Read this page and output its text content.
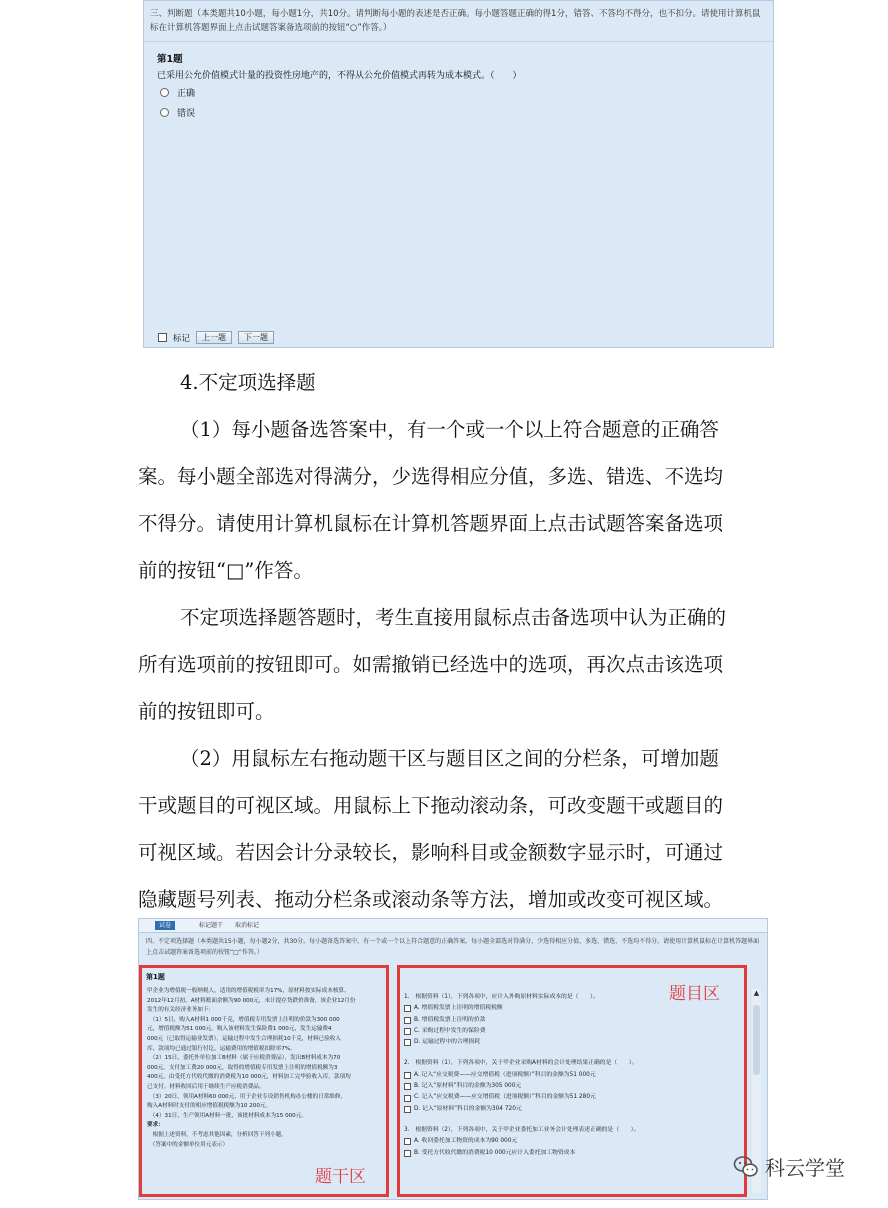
三、判断题（本类题共10小题，每小题1分，共10分。请判断每小题的表述是否正确。每小题答题正确的得1分，错答、不答均不得分，也不扣分。请使用计算机鼠标在计算机答题界面上点击试题答案备选项前的按钮“○”作答。）
第1题
已采用公允价值模式计量的投资性房地产的，不得从公允价值模式再转为成本模式。（　　）
正确
错误
标记	上一题	下一题

4.不定项选择题

（1）每小题备选答案中，有一个或一个以上符合题意的正确答

案。每小题全部选对得满分，少选得相应分值，多选、错选、不选均

不得分。请使用计算机鼠标在计算机答题界面上点击试题答案备选项

前的按钮“□”作答。

不定项选择题答题时，考生直接用鼠标点击备选项中认为正确的

所有选项前的按钮即可。如需撤销已经选中的选项，再次点击该选项

前的按钮即可。

（2）用鼠标左右拖动题干区与题目区之间的分栏条，可增加题

干或题目的可视区域。用鼠标上下拖动滚动条，可改变题干或题目的

可视区域。若因会计分录较长，影响科目或金额数字显示时，可通过

隐藏题号列表、拖动分栏条或滚动条等方法，增加或改变可视区域。

试卷	标记题干	取消标记
四、不定项选择题（本类题共15小题，每小题2分，共30分。每小题备选答案中，有一个或一个以上符合题意的正确答案。每小题全部选对得满分，少选得相应分值，多选、错选、不选均不得分。请使用计算机鼠标在计算机答题界面上点击试题答案备选项前的按钮“□”作答。）
第1题
甲企业为增值税一般纳税人，适用的增值税税率为17%，原材料按实际成本核算。
2012年12月初，A材料账面余额为90 000元，未计提存货跌价准备，该企业12月份
发生的有关经济业务如下：
　（1）5日，购入A材料1 000千克，增值税专用发票上注明的价款为300 000
元，增值税额为51 000元。购入该材料发生保险费1 000元，发生运输费4
000元（已取得运输业发票），运输过程中发生合理损耗10千克，材料已验收入
库，款项均已通过银行付讫，运输费用的增值税扣除率7%。
　（2）15日，委托外单位加工B材料（属于应税消费品），发出B材料成本为70
000元，支付加工费20 000元，取得的增值税专用发票上注明的增值税额为3
400元，由受托方代收代缴的消费税为10 000元，材料加工完毕验收入库，款项均
已支付。材料收回后用于继续生产应税消费品。
　（3）20日，领用A材料60 000元，用于企业专设销售机构办公楼的日常维修，
购入A材料时支付的相应增值税税额为10 200元。
　（4）31日，生产领用A材料一批，该批材料成本为15 000元。
要求：
　根据上述资料，不考虑其他因素，分析回答下列小题。
　（答案中的金额单位用元表示）
题干区
题目区
1.　根据资料（1），下列各项中，应计入外购原材料实际成本的是（　　）。
A. 增值税发票上注明的增值税税额
B. 增值税发票上注明的价款
C. 采购过程中发生的保险费
D. 运输过程中的合理损耗
2.　根据资料（1），下列各项中，关于甲企业采购A材料的会计处理结果正确的是（　　）。
A. 记入“应交税费——应交增值税（进项税额）”科目的金额为51 000元
B. 记入“原材料”科目的金额为305 000元
C. 记入“应交税费——应交增值税（进项税额）”科目的金额为51 280元
D. 记入“原材料”科目的金额为304 720元
3.　根据资料（2），下列各项中，关于甲企业委托加工业务会计处理表述正确的是（　　）。
A. 收回委托加工物资的成本为90 000元
B. 受托方代收代缴的消费税10 000元应计入委托加工物资成本
▲
科云学堂
